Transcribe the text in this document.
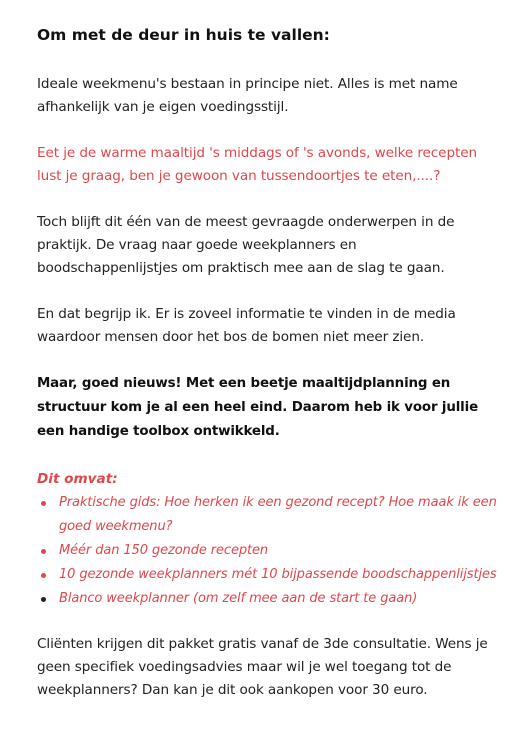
Om met de deur in huis te vallen:

Ideale weekmenu's bestaan in principe niet. Alles is met name afhankelijk van je eigen voedingsstijl.

Eet je de warme maaltijd 's middags of 's avonds, welke recepten lust je graag, ben je gewoon van tussendoortjes te eten,....?

Toch blijft dit één van de meest gevraagde onderwerpen in de praktijk. De vraag naar goede weekplanners en boodschappenlijstjes om praktisch mee aan de slag te gaan.

En dat begrijp ik. Er is zoveel informatie te vinden in de media waardoor mensen door het bos de bomen niet meer zien.

Maar, goed nieuws! Met een beetje maaltijdplanning en structuur kom je al een heel eind. Daarom heb ik voor jullie een handige toolbox ontwikkeld.

Dit omvat:

Praktische gids: Hoe herken ik een gezond recept? Hoe maak ik een goed weekmenu?
Méér dan 150 gezonde recepten
10 gezonde weekplanners mét 10 bijpassende boodschappenlijstjes
Blanco weekplanner (om zelf mee aan de start te gaan)

Cliënten krijgen dit pakket gratis vanaf de 3de consultatie. Wens je geen specifiek voedingsadvies maar wil je wel toegang tot de weekplanners? Dan kan je dit ook aankopen voor 30 euro.
